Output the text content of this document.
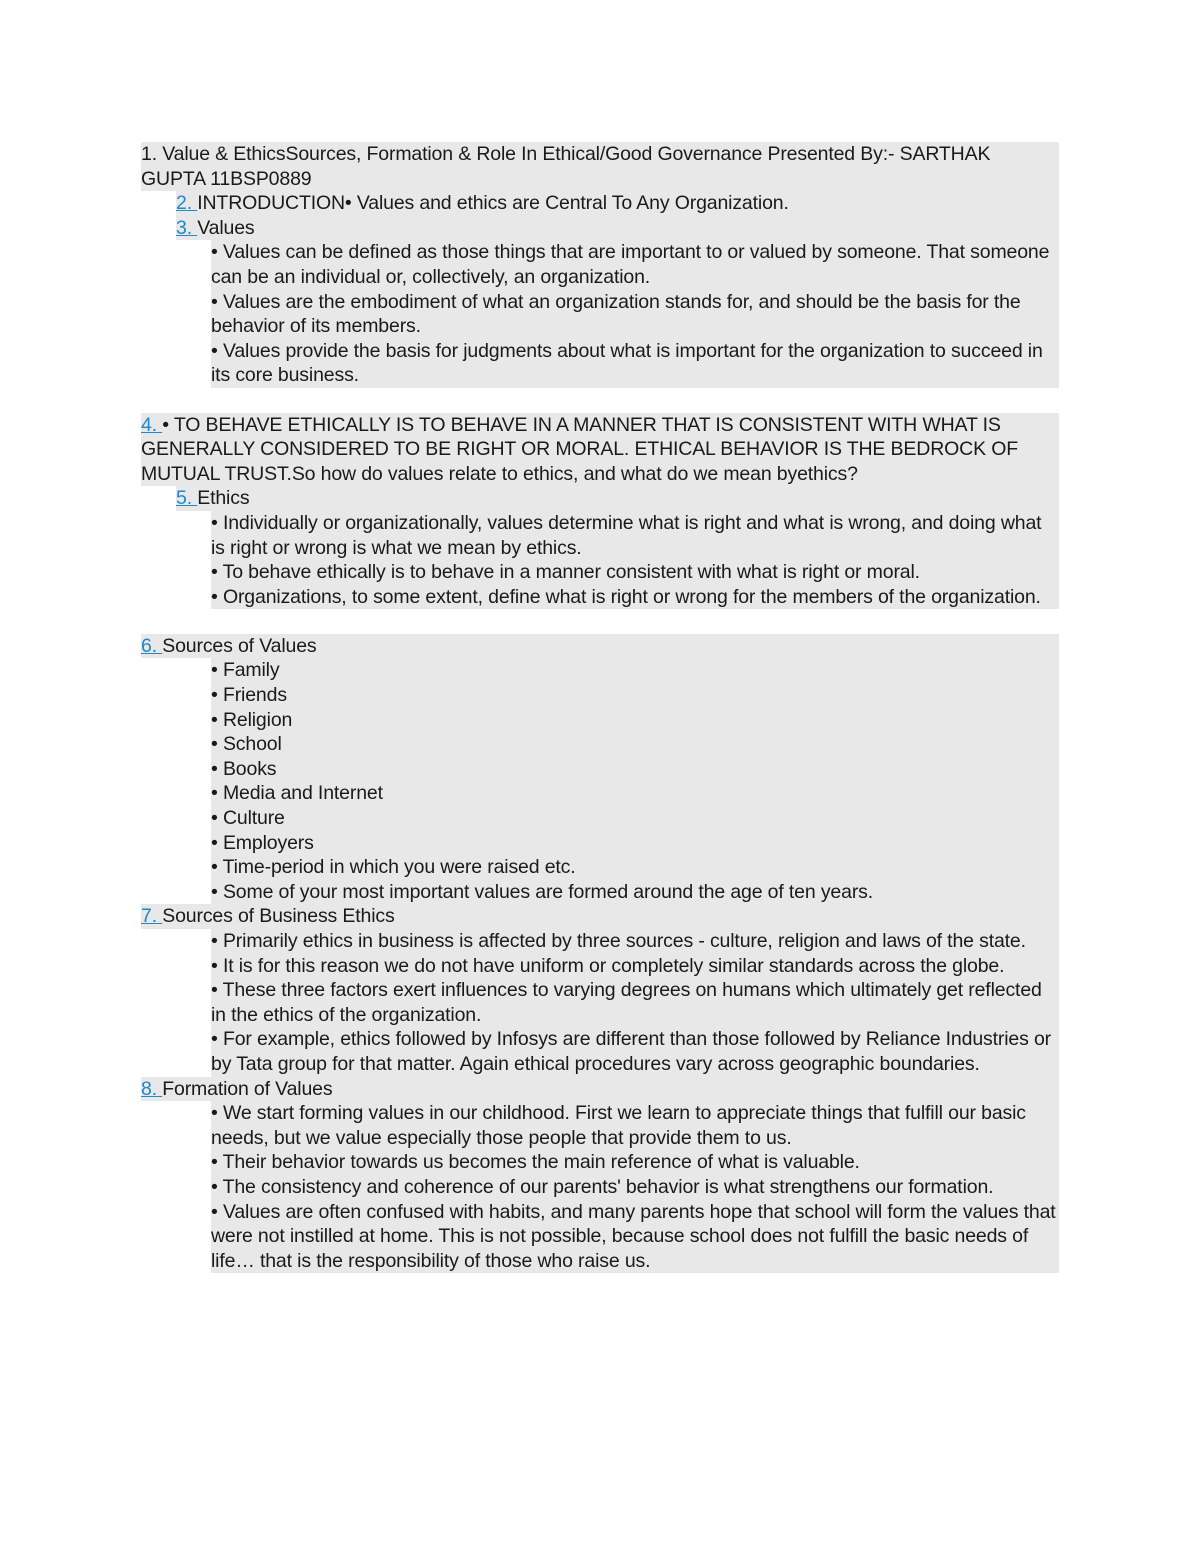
1. Value & EthicsSources, Formation & Role In Ethical/Good Governance Presented By:- SARTHAK GUPTA 11BSP0889

2. INTRODUCTION• Values and ethics are Central To Any Organization.

3. Values

• Values can be defined as those things that are important to or valued by someone. That someone can be an individual or, collectively, an organization.

• Values are the embodiment of what an organization stands for, and should be the basis for the behavior of its members.

• Values provide the basis for judgments about what is important for the organization to succeed in its core business.

4. • TO BEHAVE ETHICALLY IS TO BEHAVE IN A MANNER THAT IS CONSISTENT WITH WHAT IS GENERALLY CONSIDERED TO BE RIGHT OR MORAL. ETHICAL BEHAVIOR IS THE BEDROCK OF MUTUAL TRUST.So how do values relate to ethics, and what do we mean byethics?

5. Ethics

• Individually or organizationally, values determine what is right and what is wrong, and doing what is right or wrong is what we mean by ethics.

• To behave ethically is to behave in a manner consistent with what is right or moral.

• Organizations, to some extent, define what is right or wrong for the members of the organization.

6. Sources of Values

• Family

• Friends

• Religion

• School

• Books

• Media and Internet

• Culture

• Employers

• Time-period in which you were raised etc.

• Some of your most important values are formed around the age of ten years.

7. Sources of Business Ethics

• Primarily ethics in business is affected by three sources - culture, religion and laws of the state.

• It is for this reason we do not have uniform or completely similar standards across the globe.

• These three factors exert influences to varying degrees on humans which ultimately get reflected in the ethics of the organization.

• For example, ethics followed by Infosys are different than those followed by Reliance Industries or by Tata group for that matter. Again ethical procedures vary across geographic boundaries.

8. Formation of Values

• We start forming values in our childhood. First we learn to appreciate things that fulfill our basic needs, but we value especially those people that provide them to us.

• Their behavior towards us becomes the main reference of what is valuable.

• The consistency and coherence of our parents' behavior is what strengthens our formation.

• Values are often confused with habits, and many parents hope that school will form the values that were not instilled at home. This is not possible, because school does not fulfill the basic needs of life… that is the responsibility of those who raise us.
